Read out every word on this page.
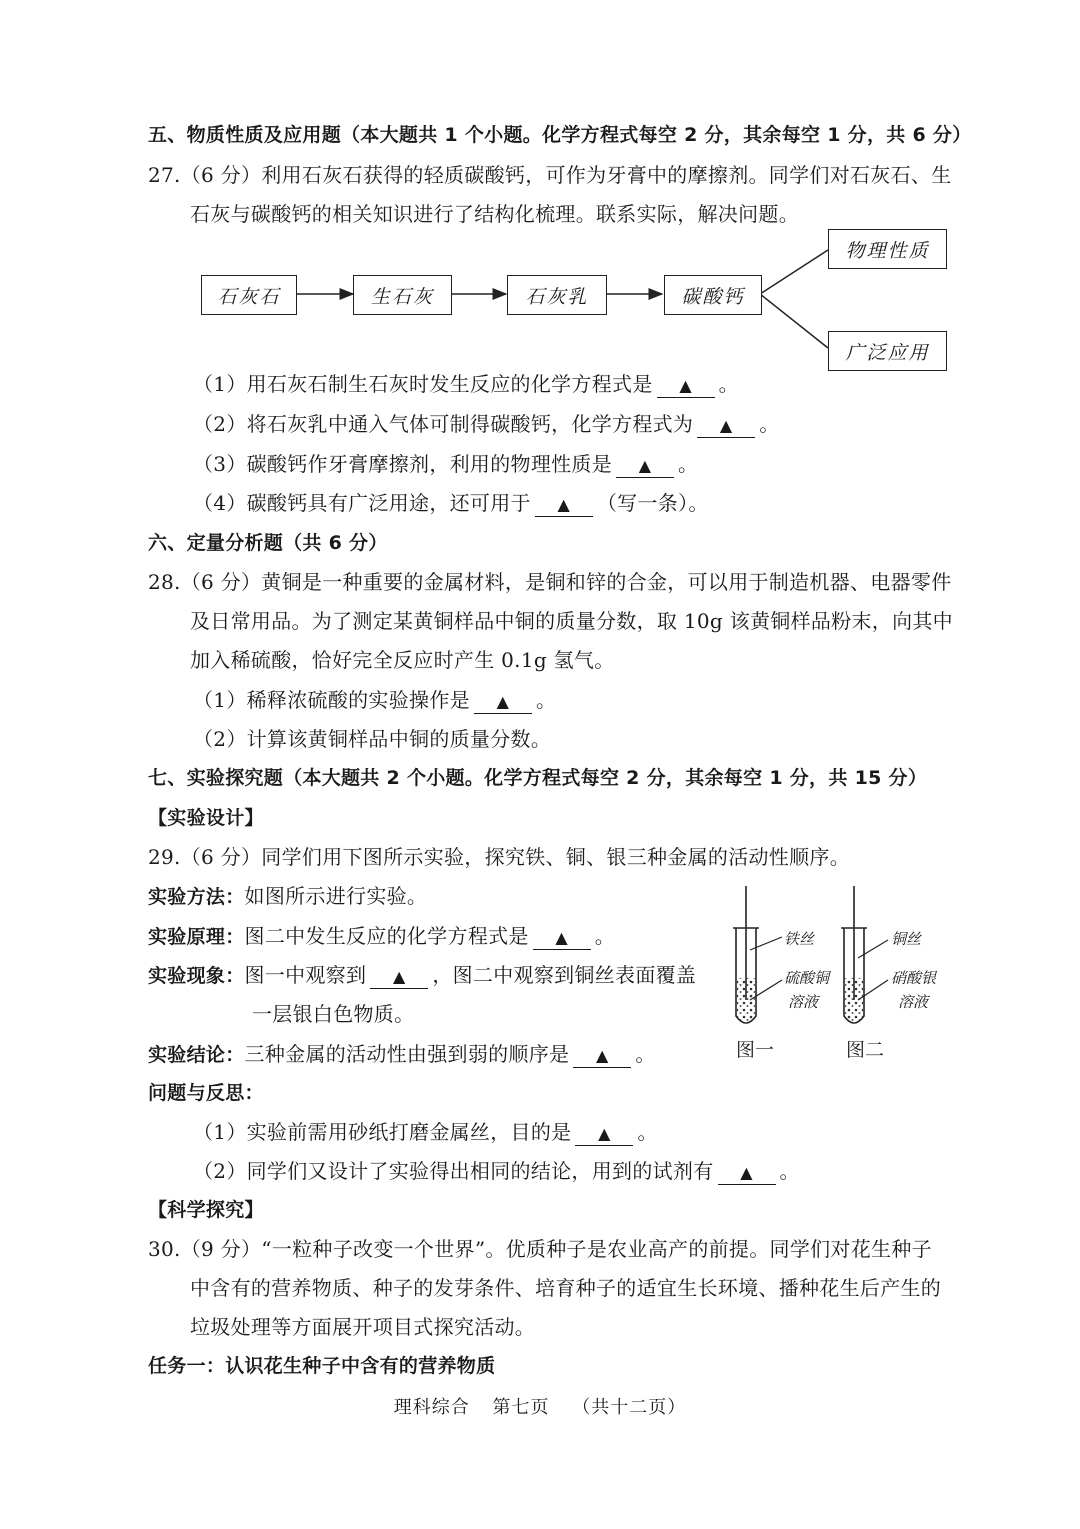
五、物质性质及应用题（本大题共 1 个小题。化学方程式每空 2 分，其余每空 1 分，共 6 分）
27.（6 分）利用石灰石获得的轻质碳酸钙，可作为牙膏中的摩擦剂。同学们对石灰石、生
石灰与碳酸钙的相关知识进行了结构化梳理。联系实际，解决问题。
石灰石	生石灰	石灰乳	碳酸钙
物理性质
广泛应用
（1）用石灰石制生石灰时发生反应的化学方程式是 ▲ 。
（2）将石灰乳中通入气体可制得碳酸钙，化学方程式为 ▲ 。
（3）碳酸钙作牙膏摩擦剂，利用的物理性质是 ▲ 。
（4）碳酸钙具有广泛用途，还可用于 ▲ （写一条）。
六、定量分析题（共 6 分）
28.（6 分）黄铜是一种重要的金属材料，是铜和锌的合金，可以用于制造机器、电器零件
及日常用品。为了测定某黄铜样品中铜的质量分数，取 10g 该黄铜样品粉末，向其中
加入稀硫酸，恰好完全反应时产生 0.1g 氢气。
（1）稀释浓硫酸的实验操作是 ▲ 。
（2）计算该黄铜样品中铜的质量分数。
七、实验探究题（本大题共 2 个小题。化学方程式每空 2 分，其余每空 1 分，共 15 分）
【实验设计】
29.（6 分）同学们用下图所示实验，探究铁、铜、银三种金属的活动性顺序。
实验方法：如图所示进行实验。
实验原理：图二中发生反应的化学方程式是 ▲ 。
实验现象：图一中观察到 ▲ ，图二中观察到铜丝表面覆盖
一层银白色物质。
实验结论：三种金属的活动性由强到弱的顺序是 ▲ 。
问题与反思：
（1）实验前需用砂纸打磨金属丝，目的是 ▲ 。
（2）同学们又设计了实验得出相同的结论，用到的试剂有 ▲ 。
铁丝
硫酸铜
溶液
图一
铜丝
硝酸银
溶液
图二
【科学探究】
30.（9 分）“一粒种子改变一个世界”。优质种子是农业高产的前提。同学们对花生种子
中含有的营养物质、种子的发芽条件、培育种子的适宜生长环境、播种花生后产生的
垃圾处理等方面展开项目式探究活动。
任务一：认识花生种子中含有的营养物质
理科综合 第七页 （共十二页）
